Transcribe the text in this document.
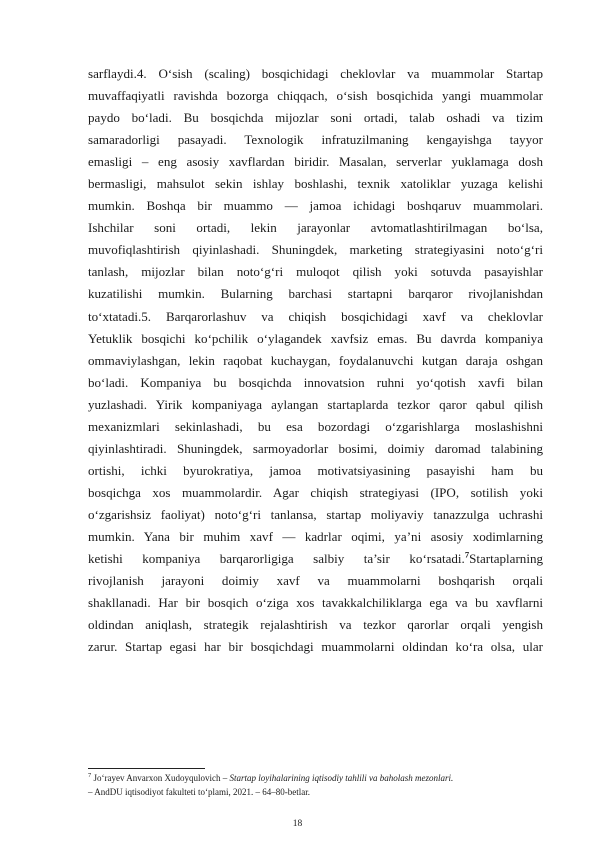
sarflaydi.4. O‘sish (scaling) bosqichidagi cheklovlar va muammolar Startap
muvaffaqiyatli ravishda bozorga chiqqach, o‘sish bosqichida yangi muammolar
paydo bo‘ladi. Bu bosqichda mijozlar soni ortadi, talab oshadi va tizim
samaradorligi pasayadi. Texnologik infratuzilmaning kengayishga tayyor
emasligi – eng asosiy xavflardan biridir. Masalan, serverlar yuklamaga dosh
bermasligi, mahsulot sekin ishlay boshlashi, texnik xatoliklar yuzaga kelishi
mumkin. Boshqa bir muammo — jamoa ichidagi boshqaruv muammolari.
Ishchilar soni ortadi, lekin jarayonlar avtomatlashtirilmagan bo‘lsa,
muvofiqlashtirish qiyinlashadi. Shuningdek, marketing strategiyasini noto‘g‘ri
tanlash, mijozlar bilan noto‘g‘ri muloqot qilish yoki sotuvda pasayishlar
kuzatilishi mumkin. Bularning barchasi startapni barqaror rivojlanishdan
to‘xtatadi.5. Barqarorlashuv va chiqish bosqichidagi xavf va cheklovlar
Yetuklik bosqichi ko‘pchilik o‘ylagandek xavfsiz emas. Bu davrda kompaniya
ommaviylashgan, lekin raqobat kuchaygan, foydalanuvchi kutgan daraja oshgan
bo‘ladi. Kompaniya bu bosqichda innovatsion ruhni yo‘qotish xavfi bilan
yuzlashadi. Yirik kompaniyaga aylangan startaplarda tezkor qaror qabul qilish
mexanizmlari sekinlashadi, bu esa bozordagi o‘zgarishlarga moslashishni
qiyinlashtiradi. Shuningdek, sarmoyadorlar bosimi, doimiy daromad talabining
ortishi, ichki byurokratiya, jamoa motivatsiyasining pasayishi ham bu
bosqichga xos muammolardir. Agar chiqish strategiyasi (IPO, sotilish yoki
o‘zgarishsiz faoliyat) noto‘g‘ri tanlansa, startap moliyaviy tanazzulga uchrashi
mumkin. Yana bir muhim xavf — kadrlar oqimi, ya’ni asosiy xodimlarning
ketishi kompaniya barqarorligiga salbiy ta’sir ko‘rsatadi.$^7$Startaplarning
rivojlanish jarayoni doimiy xavf va muammolarni boshqarish orqali
shakllanadi. Har bir bosqich o‘ziga xos tavakkalchiliklarga ega va bu xavflarni
oldindan aniqlash, strategik rejalashtirish va tezkor qarorlar orqali yengish
zarur. Startap egasi har bir bosqichdagi muammolarni oldindan ko‘ra olsa, ular
$^7$ Jo‘rayev Anvarxon Xudoyqulovich – Startap loyihalarining iqtisodiy tahlili va baholash mezonlari.
– AndDU iqtisodiyot fakulteti to‘plami, 2021. – 64–80-betlar.
18
